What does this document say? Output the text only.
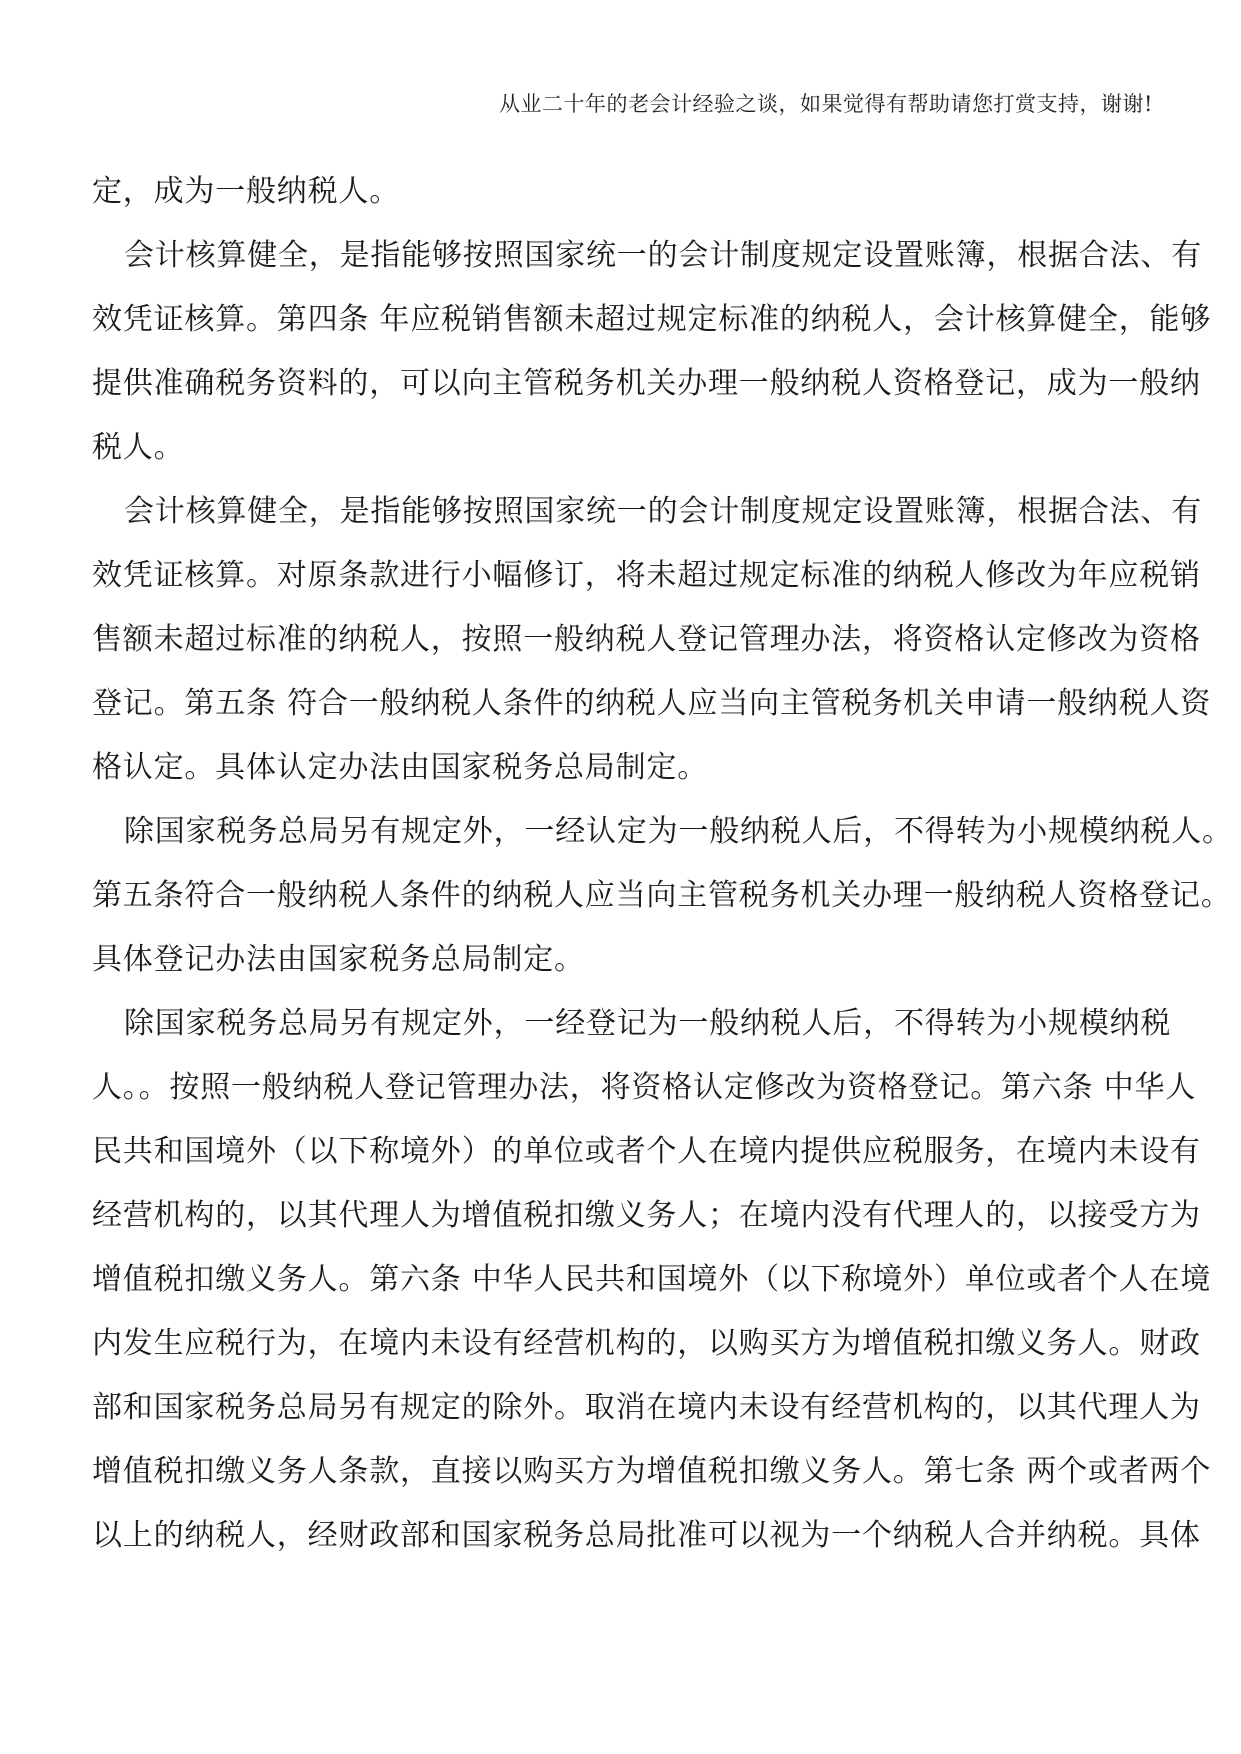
从业二十年的老会计经验之谈，如果觉得有帮助请您打赏支持，谢谢!
定，成为一般纳税人。
会计核算健全，是指能够按照国家统一的会计制度规定设置账簿，根据合法、有
效凭证核算。第四条 年应税销售额未超过规定标准的纳税人，会计核算健全，能够
提供准确税务资料的，可以向主管税务机关办理一般纳税人资格登记，成为一般纳
税人。
会计核算健全，是指能够按照国家统一的会计制度规定设置账簿，根据合法、有
效凭证核算。对原条款进行小幅修订，将未超过规定标准的纳税人修改为年应税销
售额未超过标准的纳税人，按照一般纳税人登记管理办法，将资格认定修改为资格
登记。第五条 符合一般纳税人条件的纳税人应当向主管税务机关申请一般纳税人资
格认定。具体认定办法由国家税务总局制定。
除国家税务总局另有规定外，一经认定为一般纳税人后，不得转为小规模纳税人。
第五条符合一般纳税人条件的纳税人应当向主管税务机关办理一般纳税人资格登记。
具体登记办法由国家税务总局制定。
除国家税务总局另有规定外，一经登记为一般纳税人后，不得转为小规模纳税
人。。按照一般纳税人登记管理办法，将资格认定修改为资格登记。第六条 中华人
民共和国境外（以下称境外）的单位或者个人在境内提供应税服务，在境内未设有
经营机构的，以其代理人为增值税扣缴义务人；在境内没有代理人的，以接受方为
增值税扣缴义务人。第六条 中华人民共和国境外（以下称境外）单位或者个人在境
内发生应税行为，在境内未设有经营机构的，以购买方为增值税扣缴义务人。财政
部和国家税务总局另有规定的除外。取消在境内未设有经营机构的，以其代理人为
增值税扣缴义务人条款，直接以购买方为增值税扣缴义务人。第七条 两个或者两个
以上的纳税人，经财政部和国家税务总局批准可以视为一个纳税人合并纳税。具体
